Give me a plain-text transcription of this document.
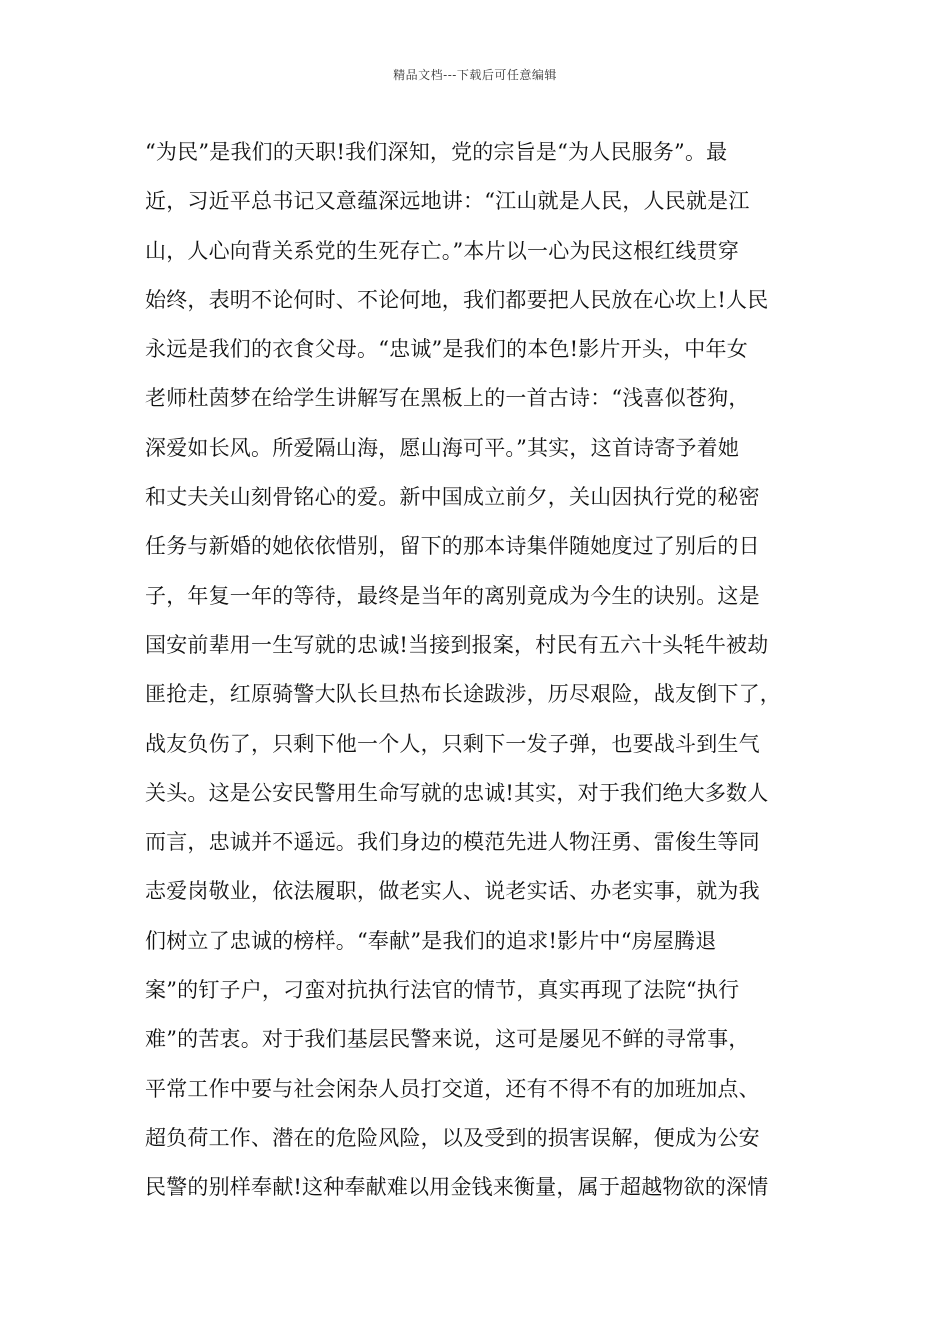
精品文档---下载后可任意编辑
“为民”是我们的天职!我们深知，党的宗旨是“为人民服务”。最
近，习近平总书记又意蕴深远地讲：“江山就是人民，人民就是江
山，人心向背关系党的生死存亡。”本片以一心为民这根红线贯穿
始终，表明不论何时、不论何地，我们都要把人民放在心坎上!人民
永远是我们的衣食父母。“忠诚”是我们的本色!影片开头，中年女
老师杜茵梦在给学生讲解写在黑板上的一首古诗：“浅喜似苍狗，
深爱如长风。所爱隔山海，愿山海可平。”其实，这首诗寄予着她
和丈夫关山刻骨铭心的爱。新中国成立前夕，关山因执行党的秘密
任务与新婚的她依依惜别，留下的那本诗集伴随她度过了别后的日
子，年复一年的等待，最终是当年的离别竟成为今生的诀别。这是
国安前辈用一生写就的忠诚!当接到报案，村民有五六十头牦牛被劫
匪抢走，红原骑警大队长旦热布长途跋涉，历尽艰险，战友倒下了，
战友负伤了，只剩下他一个人，只剩下一发子弹，也要战斗到生气
关头。这是公安民警用生命写就的忠诚!其实，对于我们绝大多数人
而言，忠诚并不遥远。我们身边的模范先进人物汪勇、雷俊生等同
志爱岗敬业，依法履职，做老实人、说老实话、办老实事，就为我
们树立了忠诚的榜样。“奉献”是我们的追求!影片中“房屋腾退
案”的钉子户，刁蛮对抗执行法官的情节，真实再现了法院“执行
难”的苦衷。对于我们基层民警来说，这可是屡见不鲜的寻常事，
平常工作中要与社会闲杂人员打交道，还有不得不有的加班加点、
超负荷工作、潜在的危险风险，以及受到的损害误解，便成为公安
民警的别样奉献!这种奉献难以用金钱来衡量，属于超越物欲的深情
